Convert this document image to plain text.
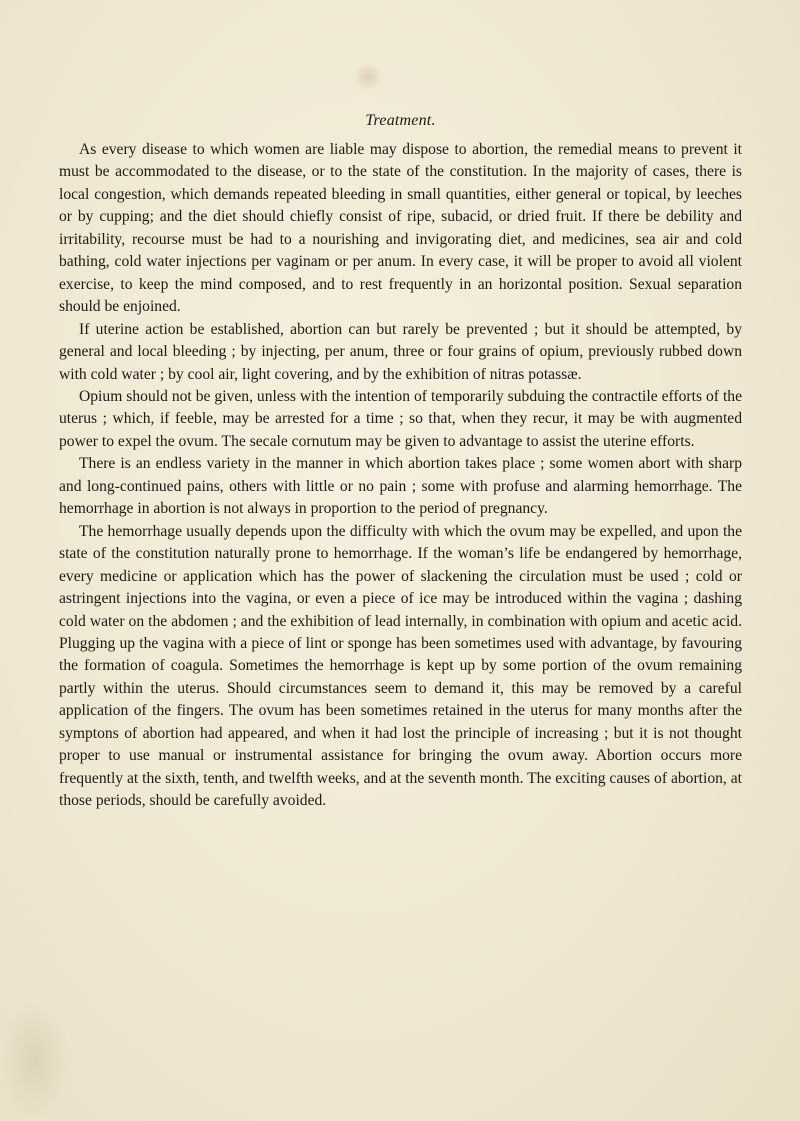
Treatment.

As every disease to which women are liable may dispose to abortion, the remedial means to prevent it must be accommodated to the disease, or to the state of the constitution. In the majority of cases, there is local congestion, which demands repeated bleeding in small quantities, either general or topical, by leeches or by cupping; and the diet should chiefly consist of ripe, subacid, or dried fruit. If there be debility and irritability, recourse must be had to a nourishing and invigorating diet, and medicines, sea air and cold bathing, cold water injections per vaginam or per anum. In every case, it will be proper to avoid all violent exercise, to keep the mind composed, and to rest frequently in an horizontal position. Sexual separation should be enjoined.

If uterine action be established, abortion can but rarely be prevented ; but it should be attempted, by general and local bleeding ; by injecting, per anum, three or four grains of opium, previously rubbed down with cold water ; by cool air, light covering, and by the exhibition of nitras potassæ.

Opium should not be given, unless with the intention of temporarily subduing the contractile efforts of the uterus ; which, if feeble, may be arrested for a time ; so that, when they recur, it may be with augmented power to expel the ovum. The secale cornutum may be given to advantage to assist the uterine efforts.

There is an endless variety in the manner in which abortion takes place ; some women abort with sharp and long-continued pains, others with little or no pain ; some with profuse and alarming hemorrhage. The hemorrhage in abortion is not always in proportion to the period of pregnancy.

The hemorrhage usually depends upon the difficulty with which the ovum may be expelled, and upon the state of the constitution naturally prone to hemorrhage. If the woman’s life be endangered by hemorrhage, every medicine or application which has the power of slackening the circulation must be used ; cold or astringent injections into the vagina, or even a piece of ice may be introduced within the vagina ; dashing cold water on the abdomen ; and the exhibition of lead internally, in combination with opium and acetic acid. Plugging up the vagina with a piece of lint or sponge has been sometimes used with advantage, by favouring the formation of coagula. Sometimes the hemorrhage is kept up by some portion of the ovum remaining partly within the uterus. Should circumstances seem to demand it, this may be removed by a careful application of the fingers. The ovum has been sometimes retained in the uterus for many months after the symptons of abortion had appeared, and when it had lost the principle of increasing ; but it is not thought proper to use manual or instrumental assistance for bringing the ovum away. Abortion occurs more frequently at the sixth, tenth, and twelfth weeks, and at the seventh month. The exciting causes of abortion, at those periods, should be carefully avoided.
